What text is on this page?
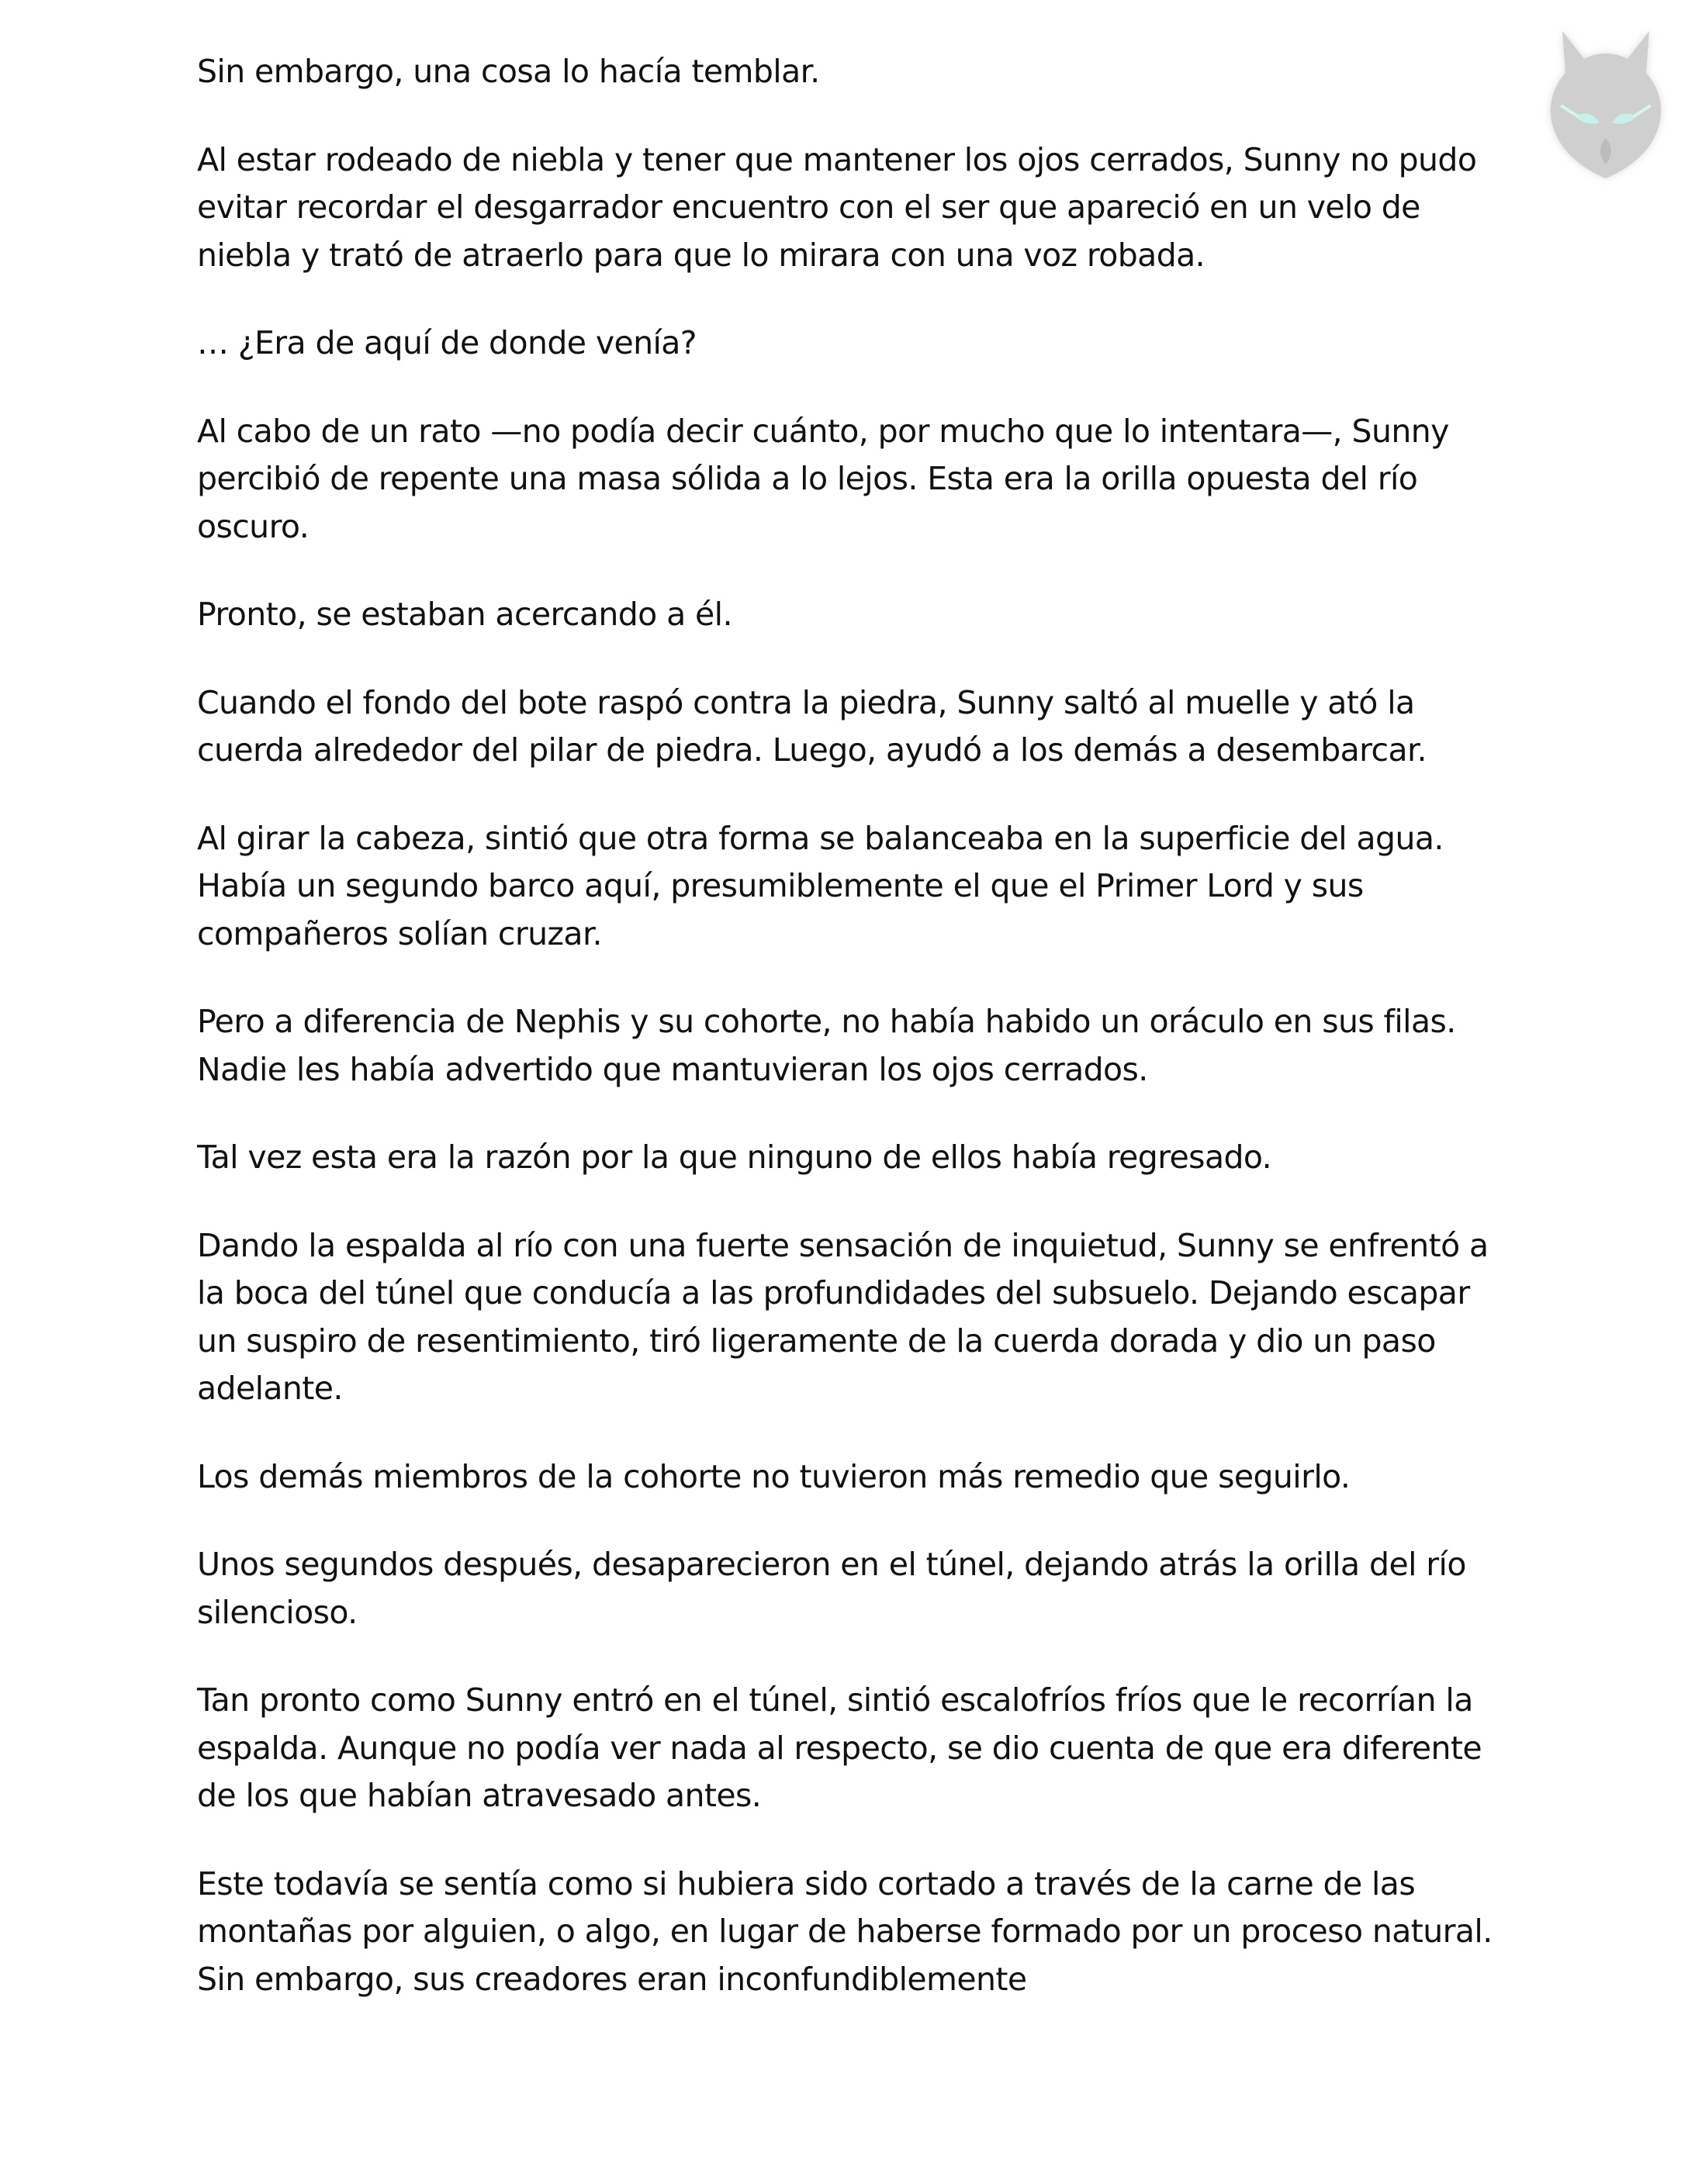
Sin embargo, una cosa lo hacía temblar.

Al estar rodeado de niebla y tener que mantener los ojos cerrados, Sunny no pudo evitar recordar el desgarrador encuentro con el ser que apareció en un velo de niebla y trató de atraerlo para que lo mirara con una voz robada.

… ¿Era de aquí de donde venía?

Al cabo de un rato —no podía decir cuánto, por mucho que lo intentara—, Sunny percibió de repente una masa sólida a lo lejos. Esta era la orilla opuesta del río oscuro.

Pronto, se estaban acercando a él.

Cuando el fondo del bote raspó contra la piedra, Sunny saltó al muelle y ató la cuerda alrededor del pilar de piedra. Luego, ayudó a los demás a desembarcar.

Al girar la cabeza, sintió que otra forma se balanceaba en la superficie del agua. Había un segundo barco aquí, presumiblemente el que el Primer Lord y sus compañeros solían cruzar.

Pero a diferencia de Nephis y su cohorte, no había habido un oráculo en sus filas. Nadie les había advertido que mantuvieran los ojos cerrados.

Tal vez esta era la razón por la que ninguno de ellos había regresado.

Dando la espalda al río con una fuerte sensación de inquietud, Sunny se enfrentó a la boca del túnel que conducía a las profundidades del subsuelo. Dejando escapar un suspiro de resentimiento, tiró ligeramente de la cuerda dorada y dio un paso adelante.

Los demás miembros de la cohorte no tuvieron más remedio que seguirlo.

Unos segundos después, desaparecieron en el túnel, dejando atrás la orilla del río silencioso.

Tan pronto como Sunny entró en el túnel, sintió escalofríos fríos que le recorrían la espalda. Aunque no podía ver nada al respecto, se dio cuenta de que era diferente de los que habían atravesado antes.

Este todavía se sentía como si hubiera sido cortado a través de la carne de las montañas por alguien, o algo, en lugar de haberse formado por un proceso natural. Sin embargo, sus creadores eran inconfundiblemente
